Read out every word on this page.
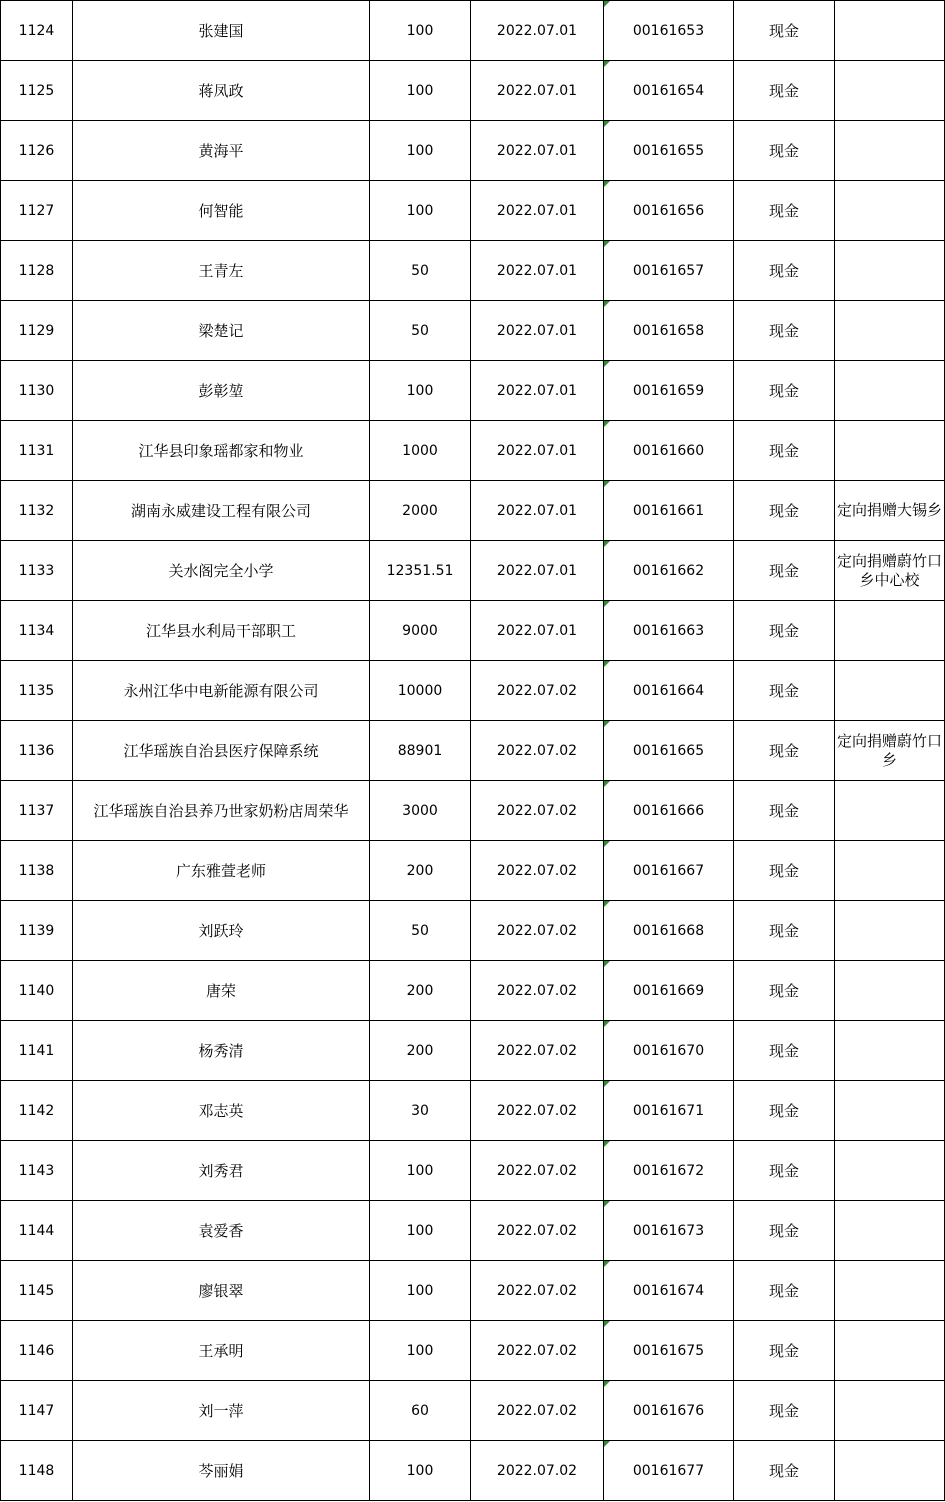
1124	张建国	100	2022.07.01	00161653	现金	
1125	蒋凤政	100	2022.07.01	00161654	现金	
1126	黄海平	100	2022.07.01	00161655	现金	
1127	何智能	100	2022.07.01	00161656	现金	
1128	王青左	50	2022.07.01	00161657	现金	
1129	梁楚记	50	2022.07.01	00161658	现金	
1130	彭彰堃	100	2022.07.01	00161659	现金	
1131	江华县印象瑶都家和物业	1000	2022.07.01	00161660	现金	
1132	湖南永威建设工程有限公司	2000	2022.07.01	00161661	现金	定向捐赠大锡乡
1133	关水阁完全小学	12351.51	2022.07.01	00161662	现金	定向捐赠蔚竹口乡中心校
1134	江华县水利局干部职工	9000	2022.07.01	00161663	现金	
1135	永州江华中电新能源有限公司	10000	2022.07.02	00161664	现金	
1136	江华瑶族自治县医疗保障系统	88901	2022.07.02	00161665	现金	定向捐赠蔚竹口乡
1137	江华瑶族自治县养乃世家奶粉店周荣华	3000	2022.07.02	00161666	现金	
1138	广东雅萱老师	200	2022.07.02	00161667	现金	
1139	刘跃玲	50	2022.07.02	00161668	现金	
1140	唐荣	200	2022.07.02	00161669	现金	
1141	杨秀清	200	2022.07.02	00161670	现金	
1142	邓志英	30	2022.07.02	00161671	现金	
1143	刘秀君	100	2022.07.02	00161672	现金	
1144	袁爱香	100	2022.07.02	00161673	现金	
1145	廖银翠	100	2022.07.02	00161674	现金	
1146	王承明	100	2022.07.02	00161675	现金	
1147	刘一萍	60	2022.07.02	00161676	现金	
1148	芩丽娟	100	2022.07.02	00161677	现金	
